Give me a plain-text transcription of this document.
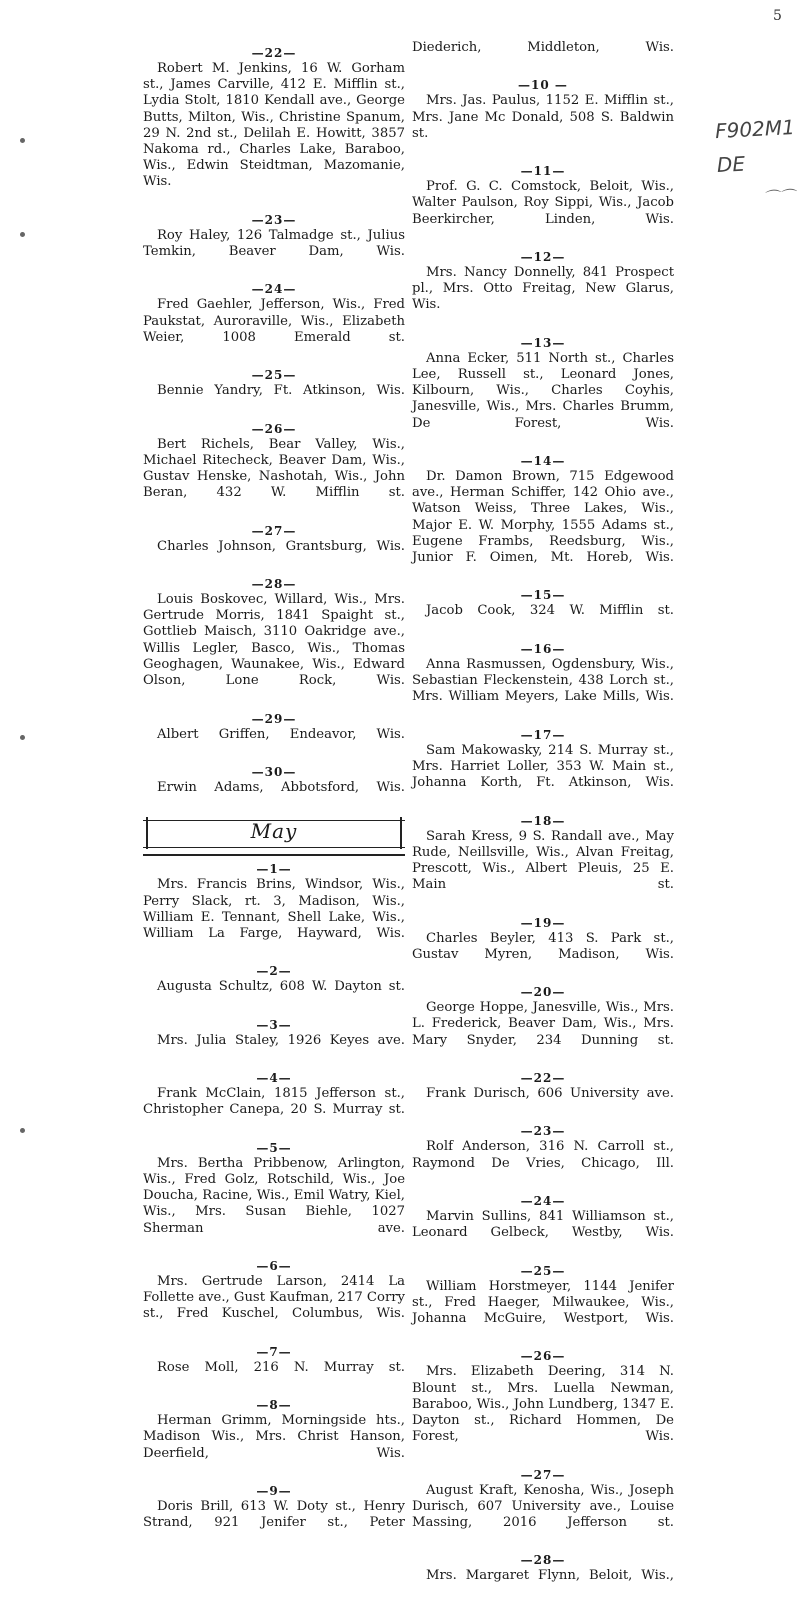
5
F902M1
DE
⌒⌒
—22—
Robert M. Jenkins, 16 W. Gorham st., James Carville, 412 E. Mifflin st., Lydia Stolt, 1810 Kendall ave., George Butts, Milton, Wis., Christine Spanum, 29 N. 2nd st., Delilah E. Howitt, 3857 Nakoma rd., Charles Lake, Baraboo, Wis., Edwin Steidtman, Mazomanie, Wis.
—23—
Roy Haley, 126 Talmadge st., Julius Temkin, Beaver Dam, Wis.
—24—
Fred Gaehler, Jefferson, Wis., Fred Paukstat, Auroraville, Wis., Elizabeth Weier, 1008 Emerald st.
—25—
Bennie Yandry, Ft. Atkinson, Wis.
—26—
Bert Richels, Bear Valley, Wis., Michael Ritecheck, Beaver Dam, Wis., Gustav Henske, Nashotah, Wis., John Beran, 432 W. Mifflin st.
—27—
Charles Johnson, Grantsburg, Wis.
—28—
Louis Boskovec, Willard, Wis., Mrs. Gertrude Morris, 1841 Spaight st., Gottlieb Maisch, 3110 Oakridge ave., Willis Legler, Basco, Wis., Thomas Geoghagen, Waunakee, Wis., Edward Olson, Lone Rock, Wis.
—29—
Albert Griffen, Endeavor, Wis.
—30—
Erwin Adams, Abbotsford, Wis.
May
—1—
Mrs. Francis Brins, Windsor, Wis., Perry Slack, rt. 3, Madison, Wis., William E. Tennant, Shell Lake, Wis., William La Farge, Hayward, Wis.
—2—
Augusta Schultz, 608 W. Dayton st.
—3—
Mrs. Julia Staley, 1926 Keyes ave.
—4—
Frank McClain, 1815 Jefferson st., Christopher Canepa, 20 S. Murray st.
—5—
Mrs. Bertha Pribbenow, Arlington, Wis., Fred Golz, Rotschild, Wis., Joe Doucha, Racine, Wis., Emil Watry, Kiel, Wis., Mrs. Susan Biehle, 1027 Sherman ave.
—6—
Mrs. Gertrude Larson, 2414 La Follette ave., Gust Kaufman, 217 Corry st., Fred Kuschel, Columbus, Wis.
—7—
Rose Moll, 216 N. Murray st.
—8—
Herman Grimm, Morningside hts., Madison Wis., Mrs. Christ Hanson, Deerfield, Wis.
—9—
Doris Brill, 613 W. Doty st., Henry Strand, 921 Jenifer st., Peter
Diederich, Middleton, Wis.
—10 —
Mrs. Jas. Paulus, 1152 E. Mifflin st., Mrs. Jane Mc Donald, 508 S. Baldwin st.
—11—
Prof. G. C. Comstock, Beloit, Wis., Walter Paulson, Roy Sippi, Wis., Jacob Beerkircher, Linden, Wis.
—12—
Mrs. Nancy Donnelly, 841 Prospect pl., Mrs. Otto Freitag, New Glarus, Wis.
—13—
Anna Ecker, 511 North st., Charles Lee, Russell st., Leonard Jones, Kilbourn, Wis., Charles Coyhis, Janesville, Wis., Mrs. Charles Brumm, De Forest, Wis.
—14—
Dr. Damon Brown, 715 Edgewood ave., Herman Schiffer, 142 Ohio ave., Watson Weiss, Three Lakes, Wis., Major E. W. Morphy, 1555 Adams st., Eugene Frambs, Reedsburg, Wis., Junior F. Oimen, Mt. Horeb, Wis.
—15—
Jacob Cook, 324 W. Mifflin st.
—16—
Anna Rasmussen, Ogdensbury, Wis., Sebastian Fleckenstein, 438 Lorch st., Mrs. William Meyers, Lake Mills, Wis.
—17—
Sam Makowasky, 214 S. Murray st., Mrs. Harriet Loller, 353 W. Main st., Johanna Korth, Ft. Atkinson, Wis.
—18—
Sarah Kress, 9 S. Randall ave., May Rude, Neillsville, Wis., Alvan Freitag, Prescott, Wis., Albert Pleuis, 25 E. Main st.
—19—
Charles Beyler, 413 S. Park st., Gustav Myren, Madison, Wis.
—20—
George Hoppe, Janesville, Wis., Mrs. L. Frederick, Beaver Dam, Wis., Mrs. Mary Snyder, 234 Dunning st.
—22—
Frank Durisch, 606 University ave.
—23—
Rolf Anderson, 316 N. Carroll st., Raymond De Vries, Chicago, Ill.
—24—
Marvin Sullins, 841 Williamson st., Leonard Gelbeck, Westby, Wis.
—25—
William Horstmeyer, 1144 Jenifer st., Fred Haeger, Milwaukee, Wis., Johanna McGuire, Westport, Wis.
—26—
Mrs. Elizabeth Deering, 314 N. Blount st., Mrs. Luella Newman, Baraboo, Wis., John Lundberg, 1347 E. Dayton st., Richard Hommen, De Forest, Wis.
—27—
August Kraft, Kenosha, Wis., Joseph Durisch, 607 University ave., Louise Massing, 2016 Jefferson st.
—28—
Mrs. Margaret Flynn, Beloit, Wis.,
